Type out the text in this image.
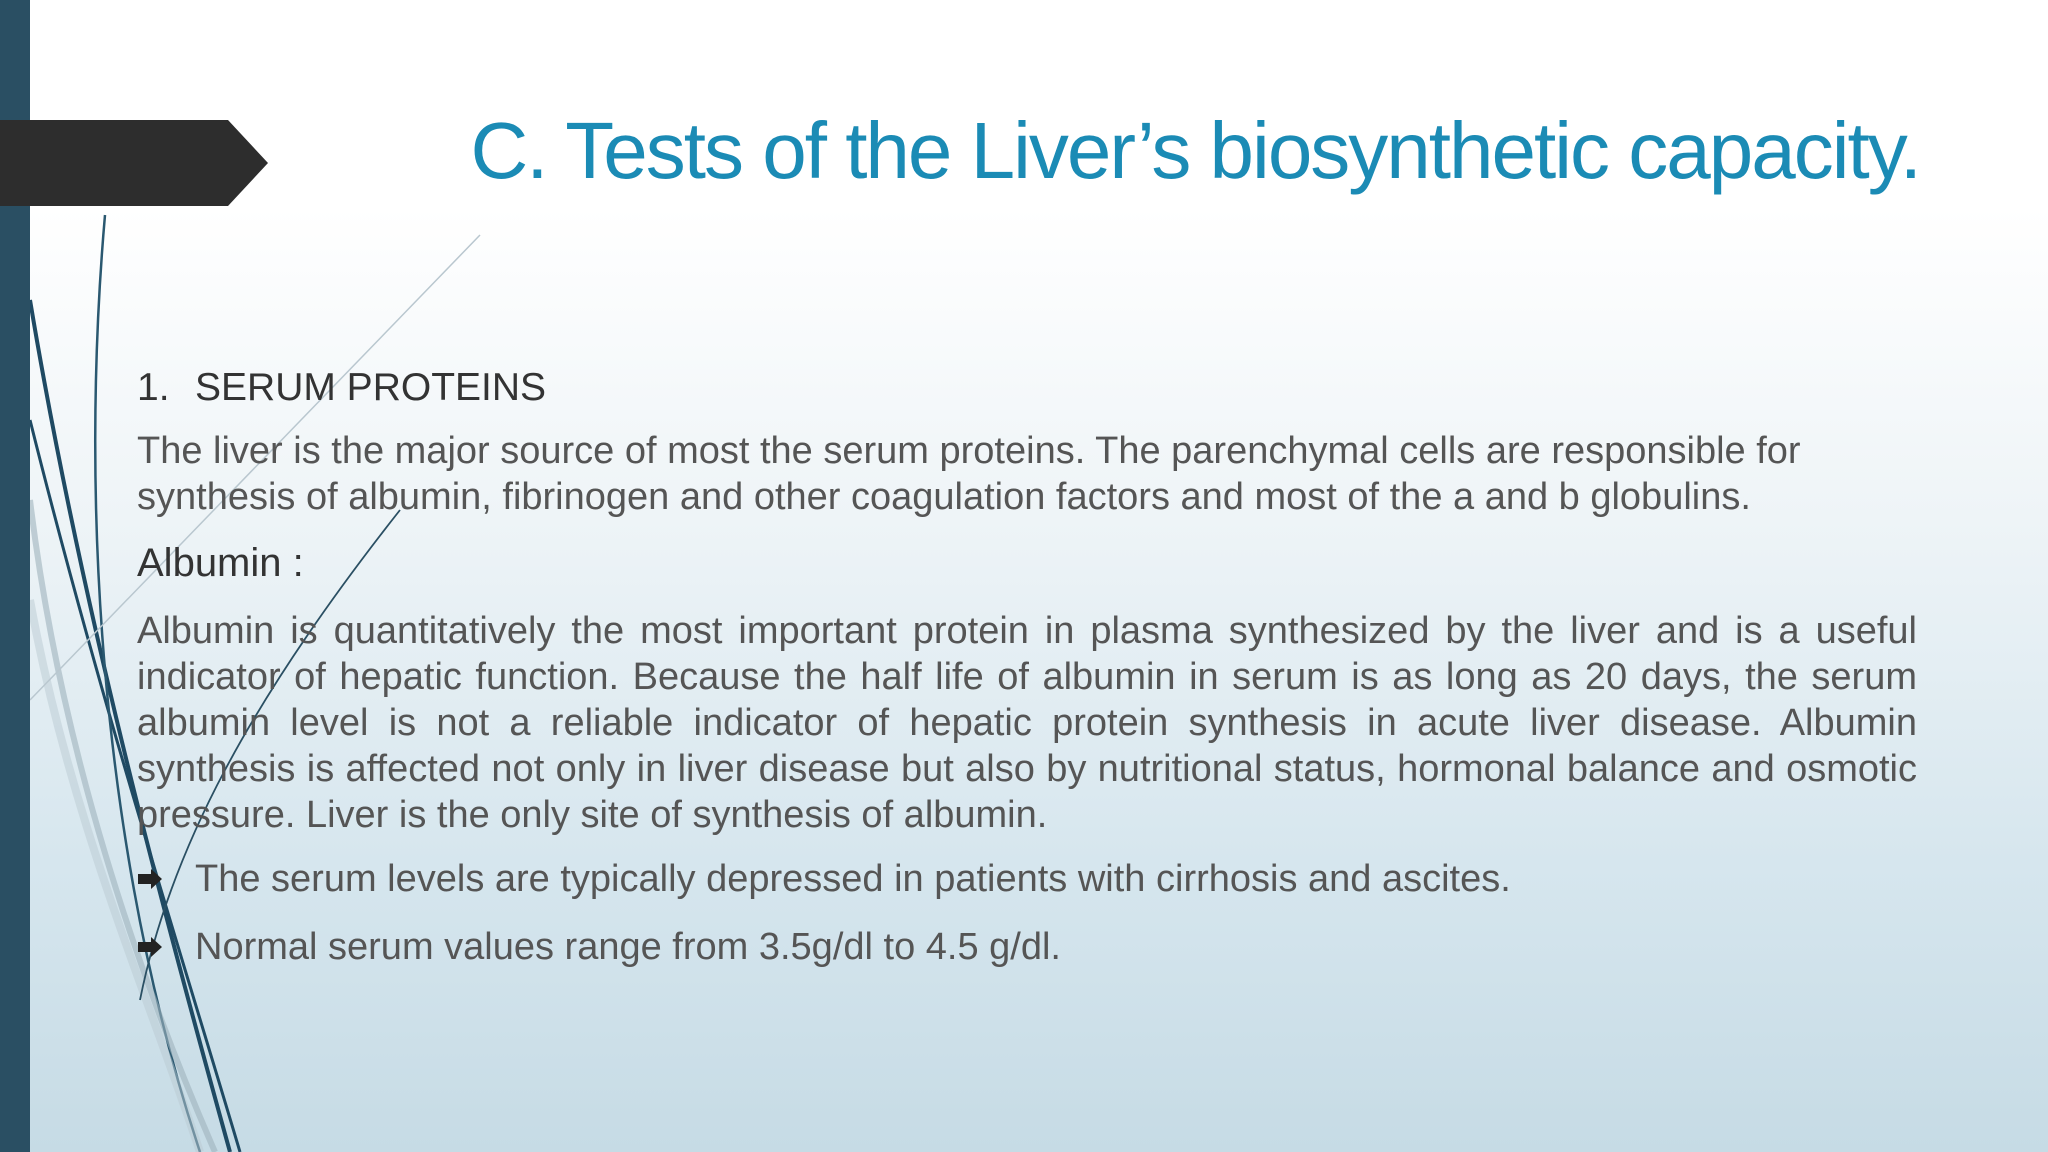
C. Tests of the Liver’s biosynthetic capacity.
1. SERUM PROTEINS

The liver is the major source of most the serum proteins. The parenchymal cells are responsible for synthesis of albumin, fibrinogen and other coagulation factors and most of the a and b globulins.

Albumin :

Albumin is quantitatively the most important protein in plasma synthesized by the liver and is a useful indicator of hepatic function. Because the half life of albumin in serum is as long as 20 days, the serum albumin level is not a reliable indicator of hepatic protein synthesis in acute liver disease. Albumin synthesis is affected not only in liver disease but also by nutritional status, hormonal balance and osmotic pressure. Liver is the only site of synthesis of albumin.

The serum levels are typically depressed in patients with cirrhosis and ascites.
Normal serum values range from 3.5g/dl to 4.5 g/dl.
